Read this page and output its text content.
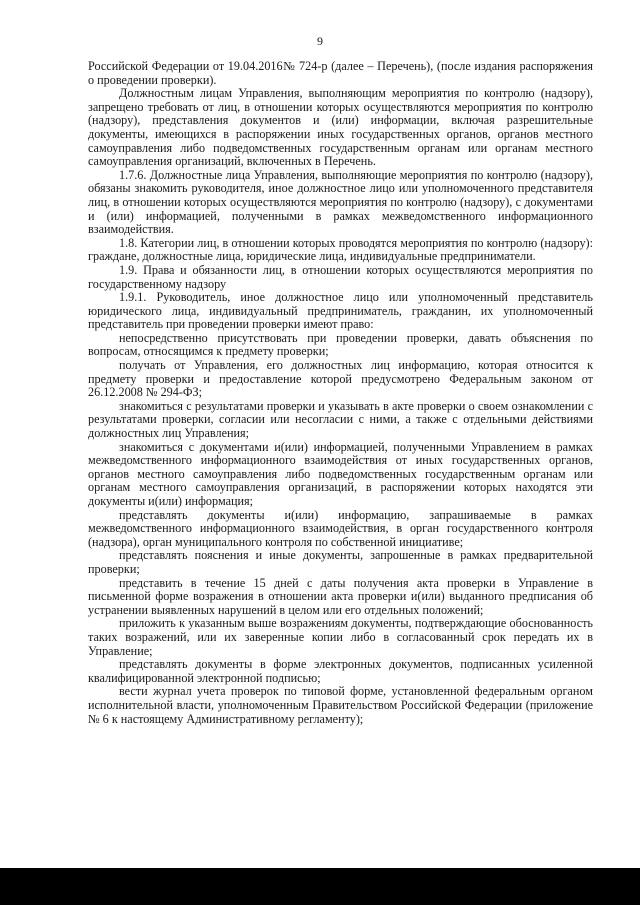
9

Российской Федерации от 19.04.2016№ 724-р (далее – Перечень), (после издания распоряжения о проведении проверки).

Должностным лицам Управления, выполняющим мероприятия по контролю (надзору), запрещено требовать от лиц, в отношении которых осуществляются мероприятия по контролю (надзору), представления документов и (или) информации, включая разрешительные документы, имеющихся в распоряжении иных государственных органов, органов местного самоуправления либо подведомственных государственным органам или органам местного самоуправления организаций, включенных в Перечень.

1.7.6. Должностные лица Управления, выполняющие мероприятия по контролю (надзору), обязаны знакомить руководителя, иное должностное лицо или уполномоченного представителя лиц, в отношении которых осуществляются мероприятия по контролю (надзору), с документами и (или) информацией, полученными в рамках межведомственного информационного взаимодействия.

1.8. Категории лиц, в отношении которых проводятся мероприятия по контролю (надзору): граждане, должностные лица, юридические лица, индивидуальные предприниматели.

1.9. Права и обязанности лиц, в отношении которых осуществляются мероприятия по государственному надзору

1.9.1. Руководитель, иное должностное лицо или уполномоченный представитель юридического лица, индивидуальный предприниматель, гражданин, их уполномоченный представитель при проведении проверки имеют право:

непосредственно присутствовать при проведении проверки, давать объяснения по вопросам, относящимся к предмету проверки;

получать от Управления, его должностных лиц информацию, которая относится к предмету проверки и предоставление которой предусмотрено Федеральным законом от 26.12.2008 № 294-ФЗ;

знакомиться с результатами проверки и указывать в акте проверки о своем ознакомлении с результатами проверки, согласии или несогласии с ними, а также с отдельными действиями должностных лиц Управления;

знакомиться с документами и(или) информацией, полученными Управлением в рамках межведомственного информационного взаимодействия от иных государственных органов, органов местного самоуправления либо подведомственных государственным органам или органам местного самоуправления организаций, в распоряжении которых находятся эти документы и(или) информация;

представлять документы и(или) информацию, запрашиваемые в рамках межведомственного информационного взаимодействия, в орган государственного контроля (надзора), орган муниципального контроля по собственной инициативе;

представлять пояснения и иные документы, запрошенные в рамках предварительной проверки;

представить в течение 15 дней с даты получения акта проверки в Управление в письменной форме возражения в отношении акта проверки и(или) выданного предписания об устранении выявленных нарушений в целом или его отдельных положений;

приложить к указанным выше возражениям документы, подтверждающие обоснованность таких возражений, или их заверенные копии либо в согласованный срок передать их в Управление;

представлять документы в форме электронных документов, подписанных усиленной квалифицированной электронной подписью;

вести журнал учета проверок по типовой форме, установленной федеральным органом исполнительной власти, уполномоченным Правительством Российской Федерации (приложение № 6 к настоящему Административному регламенту);
